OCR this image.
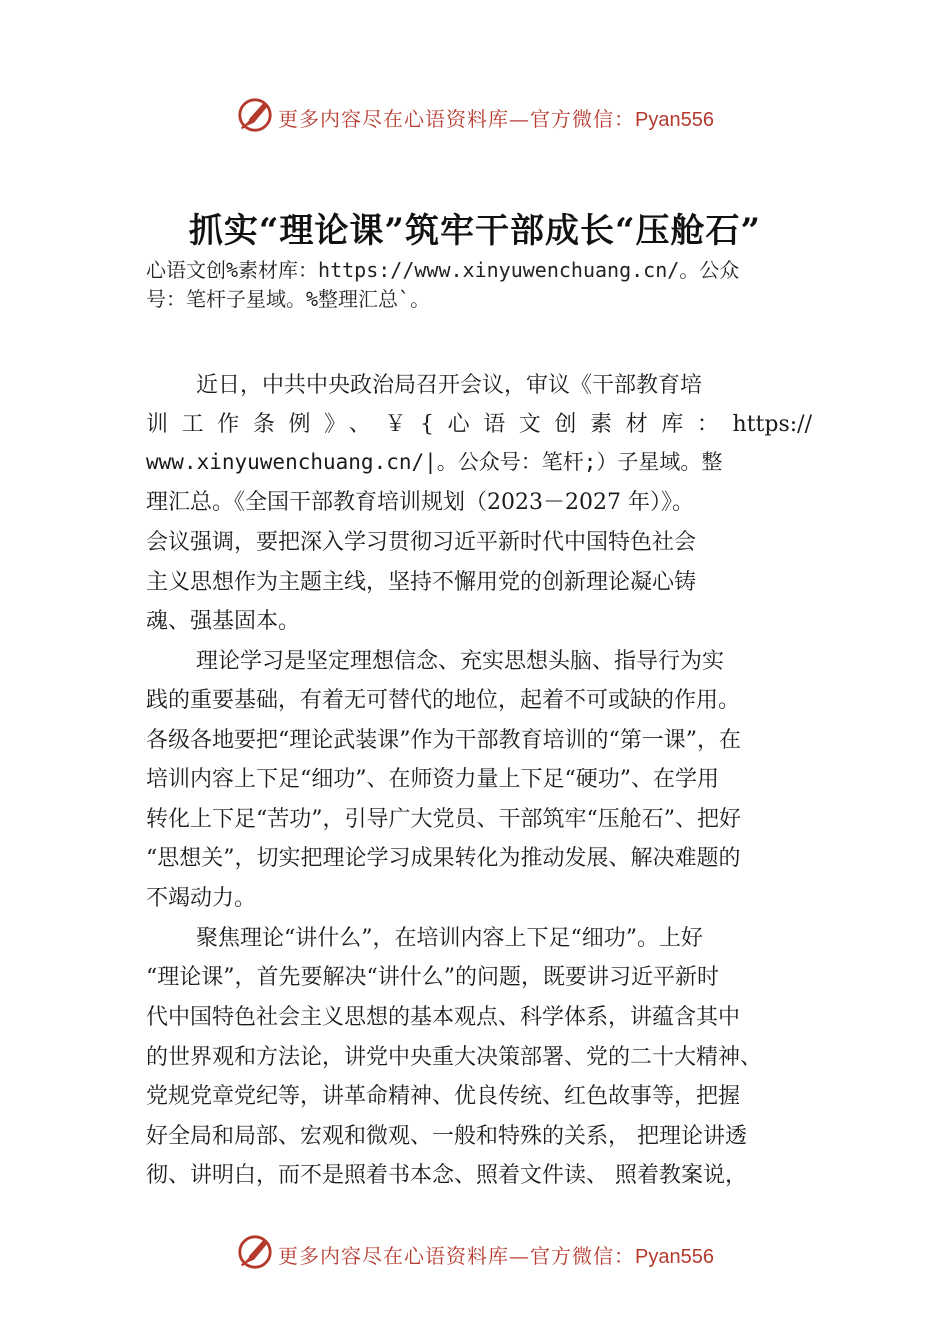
更多内容尽在心语资料库—官方微信：Pyan556
抓实“理论课”筑牢干部成长“压舱石”
心语文创%素材库：https://www.xinyuwenchuang.cn/。公众
号：笔杆子星域。%整理汇总`。
近日，中共中央政治局召开会议，审议《干部教育培
训工作条例》、￥{心语文创素材库：https://
www.xinyuwenchuang.cn/|。公众号：笔杆;）子星域。整
理汇总。《全国干部教育培训规划（2023－2027 年）》。
会议强调，要把深入学习贯彻习近平新时代中国特色社会
主义思想作为主题主线，坚持不懈用党的创新理论凝心铸
魂、强基固本。
理论学习是坚定理想信念、充实思想头脑、指导行为实
践的重要基础，有着无可替代的地位，起着不可或缺的作用。
各级各地要把“理论武装课”作为干部教育培训的“第一课”，在
培训内容上下足“细功”、在师资力量上下足“硬功”、在学用
转化上下足“苦功”，引导广大党员、干部筑牢“压舱石”、把好
“思想关”，切实把理论学习成果转化为推动发展、解决难题的
不竭动力。
聚焦理论“讲什么”，在培训内容上下足“细功”。上好
“理论课”，首先要解决“讲什么”的问题，既要讲习近平新时
代中国特色社会主义思想的基本观点、科学体系，讲蕴含其中
的世界观和方法论，讲党中央重大决策部署、党的二十大精神、
党规党章党纪等，讲革命精神、优良传统、红色故事等，把握
好全局和局部、宏观和微观、一般和特殊的关系， 把理论讲透
彻、讲明白，而不是照着书本念、照着文件读、 照着教案说，
更多内容尽在心语资料库—官方微信：Pyan556
